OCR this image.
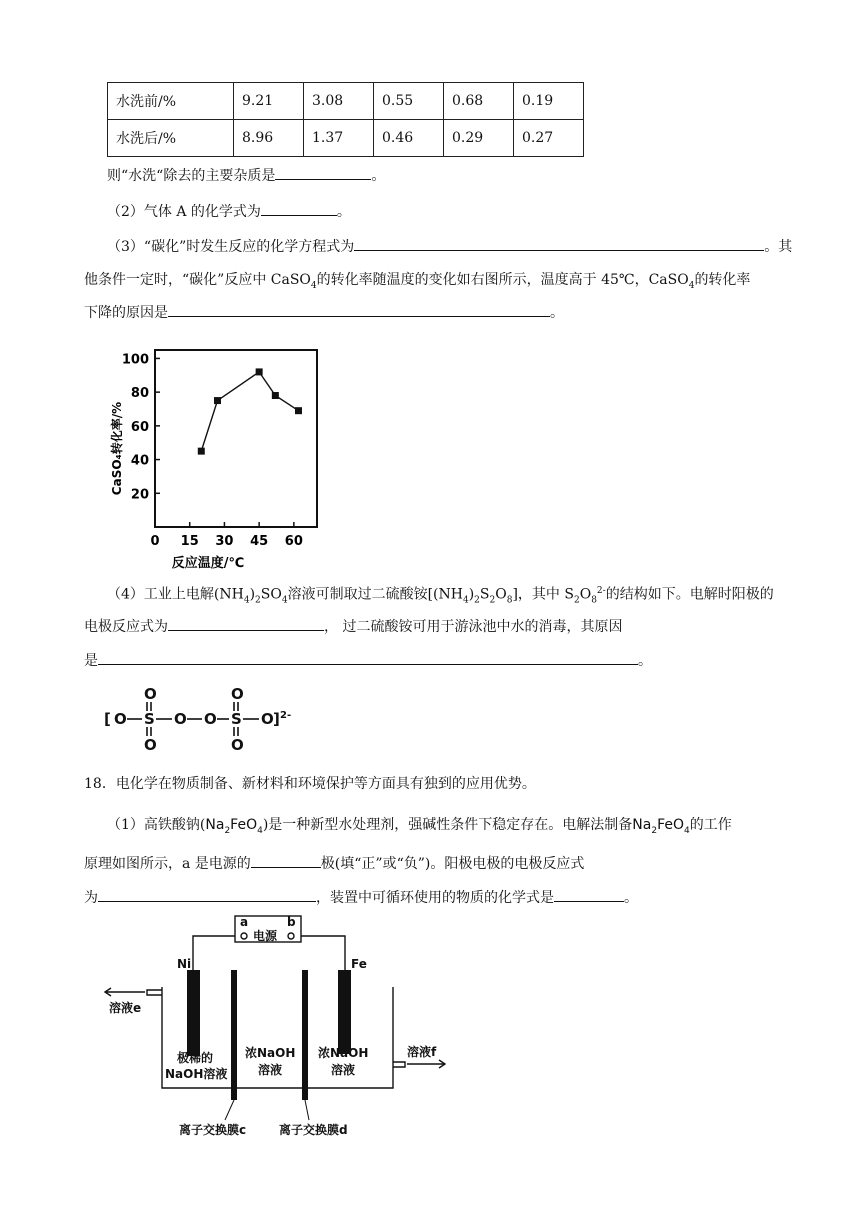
水洗前/%	9.21	3.08	0.55	0.68	0.19
水洗后/%	8.96	1.37	0.46	0.29	0.27
则“水洗“除去的主要杂质是	。
（2）气体 A 的化学式为	。
（3）“碳化”时发生反应的化学方程式为	。其
他条件一定时，“碳化”反应中 CaSO$_4$的转化率随温度的变化如右图所示，温度高于 45℃，CaSO$_4$的转化率
下降的原因是	。
20
40
60
80
100
0 15 30 45 60
反应温度/℃
CaSO₄转化率/%
（4）工业上电解$(NH_4)_2SO_4$溶液可制取过二硫酸铵$[(NH_4)_2S_2O_8]$，其中 $S_2O_8^{2-}$的结构如下。电解时阳极的
电极反应式为	， 过二硫酸铵可用于游泳池中水的消毒，其原因
是	。
[ O S
O
O
O O S
O
O
O ] 2-
18．电化学在物质制备、新材料和环境保护等方面具有独到的应用优势。
（1）高铁酸钠$(Na_2FeO_4)$是一种新型水处理剂，强碱性条件下稳定存在。电解法制备$Na_2FeO_4$的工作
原理如图所示，a 是电源的	极(填“正”或“负”)。阳极电极的电极反应式
为	，装置中可循环使用的物质的化学式是	。
a	b
电源
Ni	Fe
溶液e
溶液f
极稀的
NaOH溶液
浓NaOH
溶液
浓NaOH
溶液
离子交换膜c	离子交换膜d
